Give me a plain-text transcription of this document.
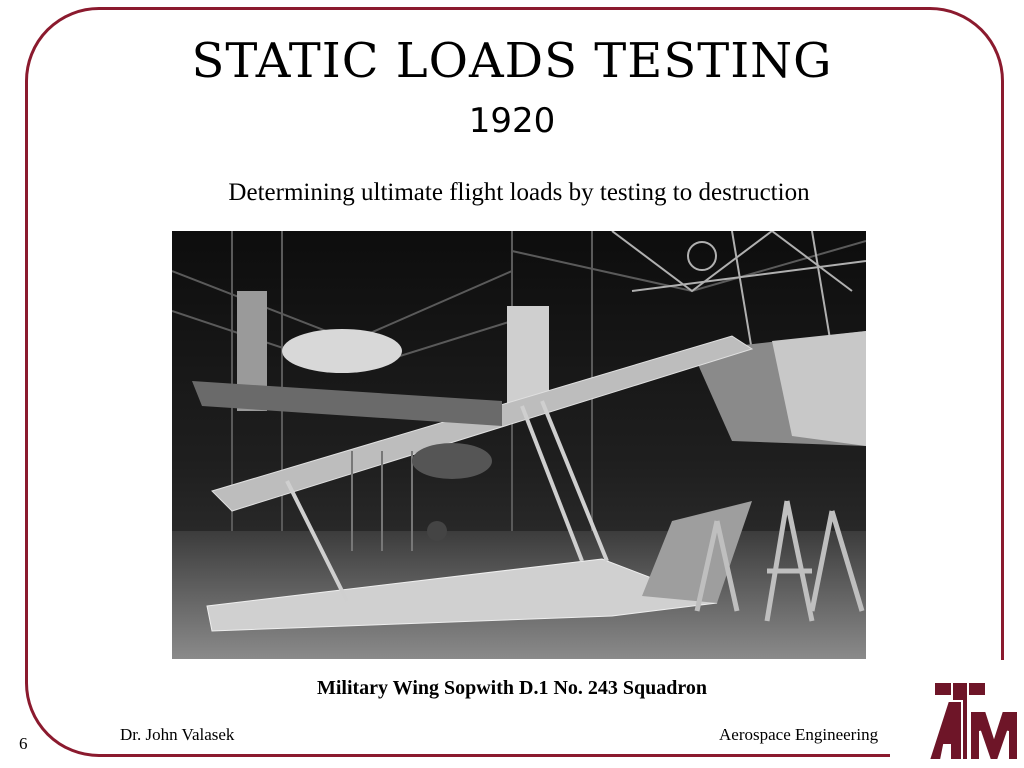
STATIC LOADS TESTING
1920
Determining ultimate flight loads by testing to destruction
Military Wing Sopwith D.1 No. 243 Squadron
6	Dr. John Valasek	Aerospace Engineering
